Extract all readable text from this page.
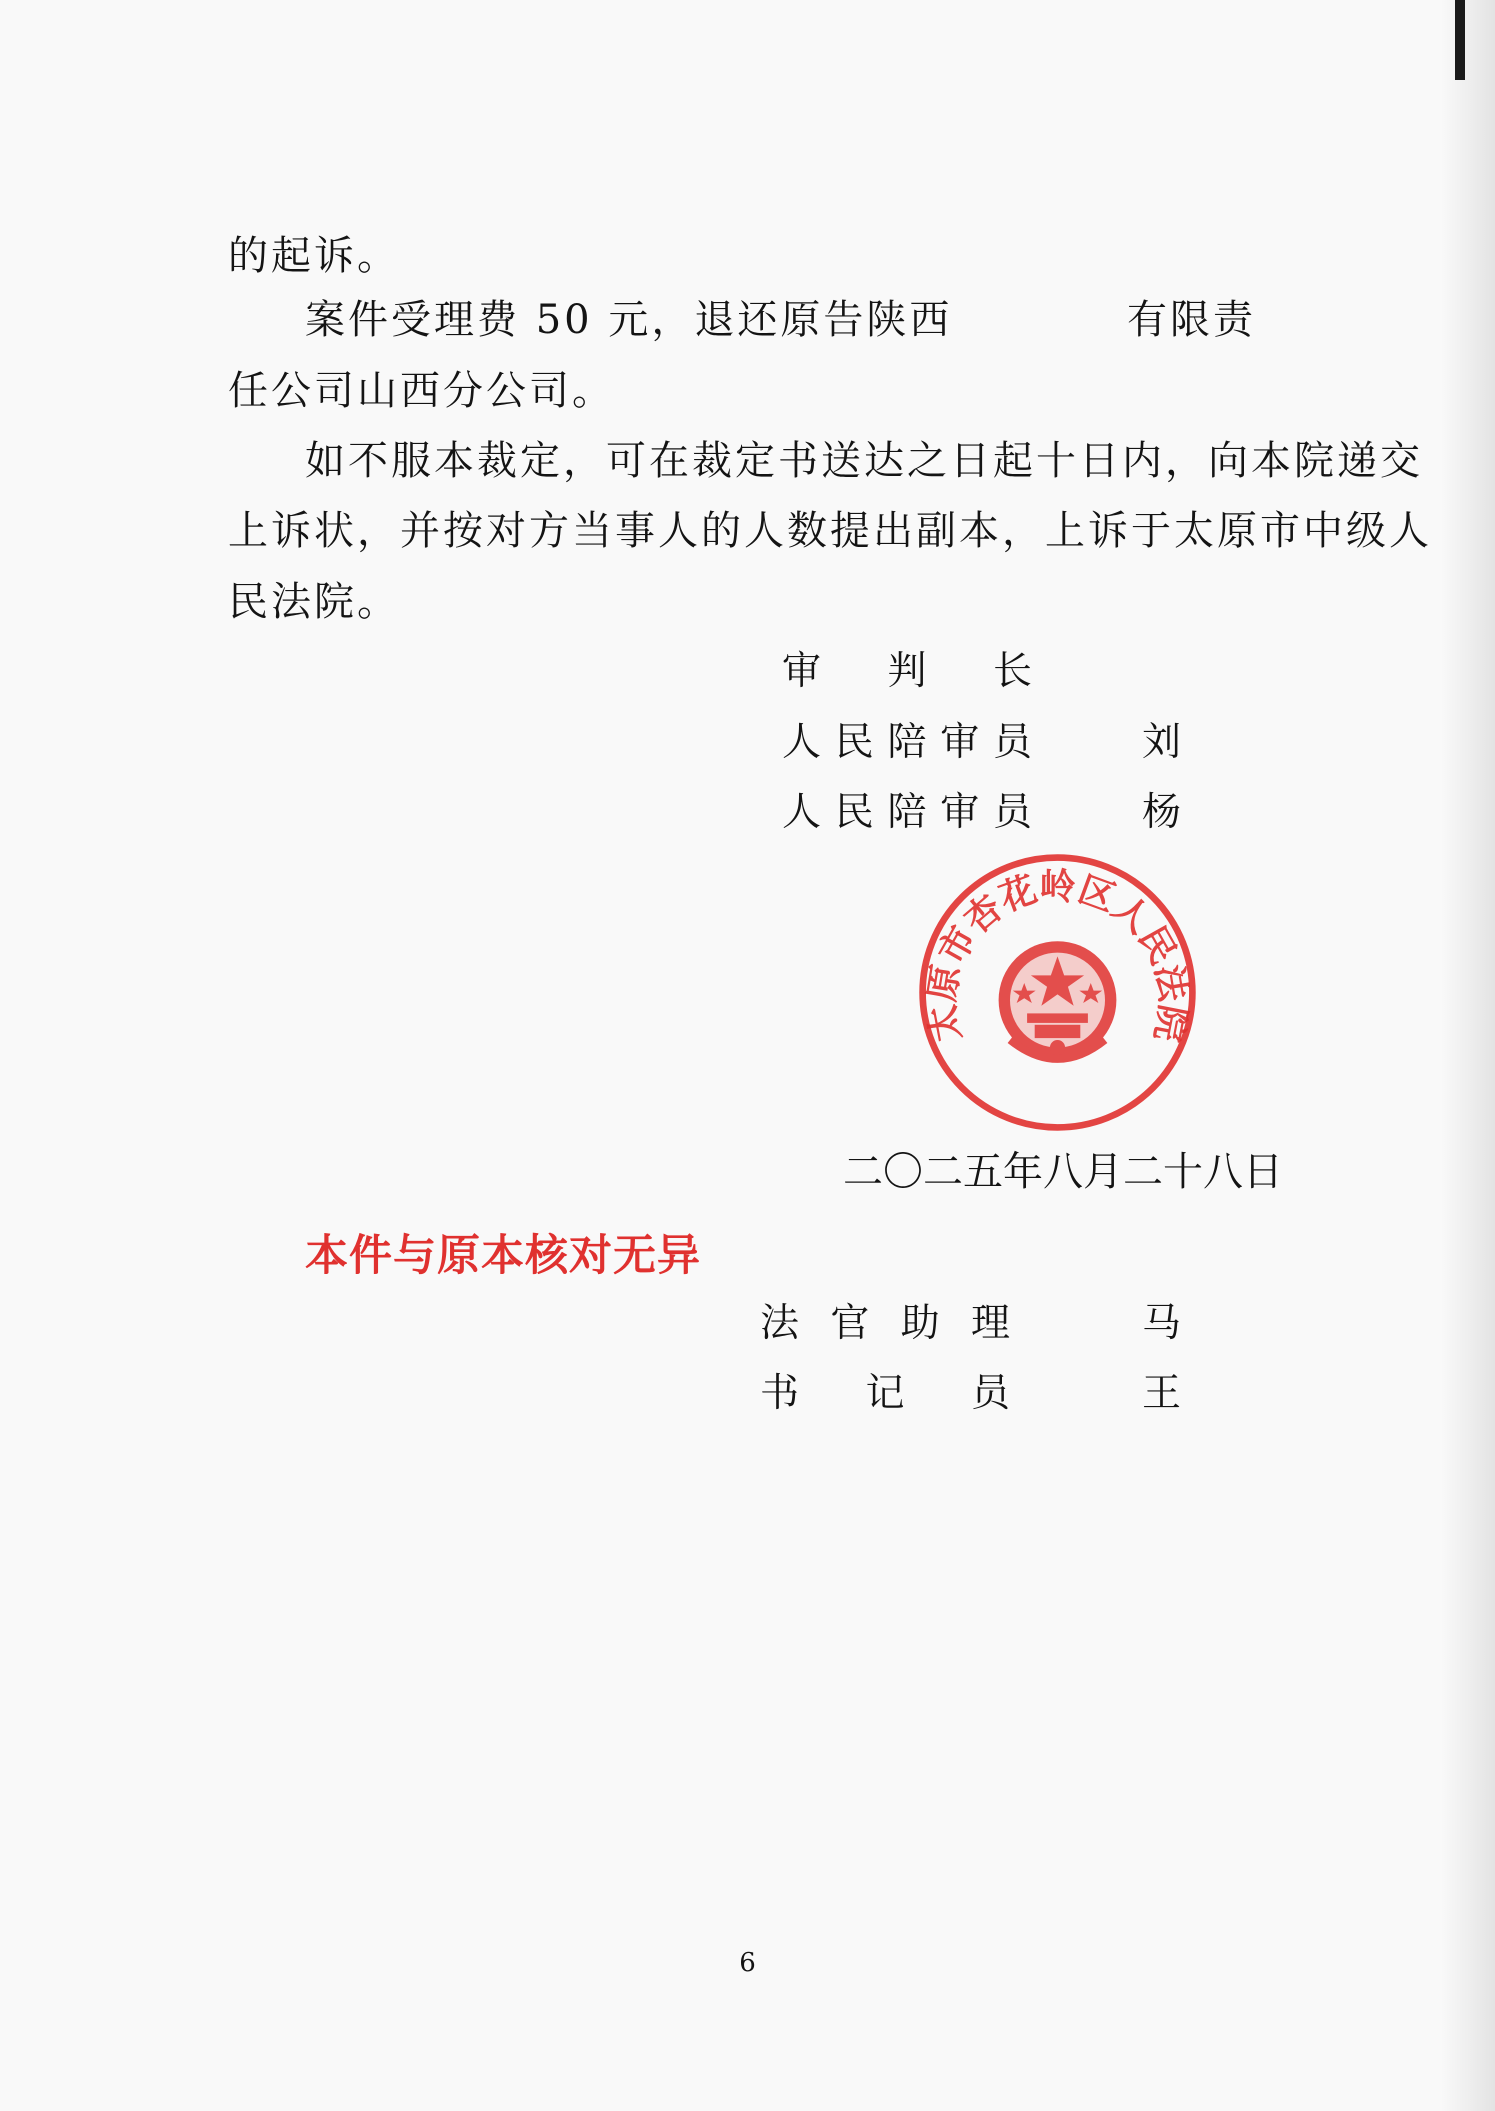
的起诉。
案件受理费 50 元，退还原告陕西	有限责
任公司山西分公司。
如不服本裁定，可在裁定书送达之日起十日内，向本院递交
上诉状，并按对方当事人的人数提出副本，上诉于太原市中级人
民法院。
审 判 长
人 民 陪 审 员	刘
人 民 陪 审 员	杨
太原市杏花岭区人民法院
二〇二五年八月二十八日
本件与原本核对无异
法 官 助 理	马
书 记 员	王
6
